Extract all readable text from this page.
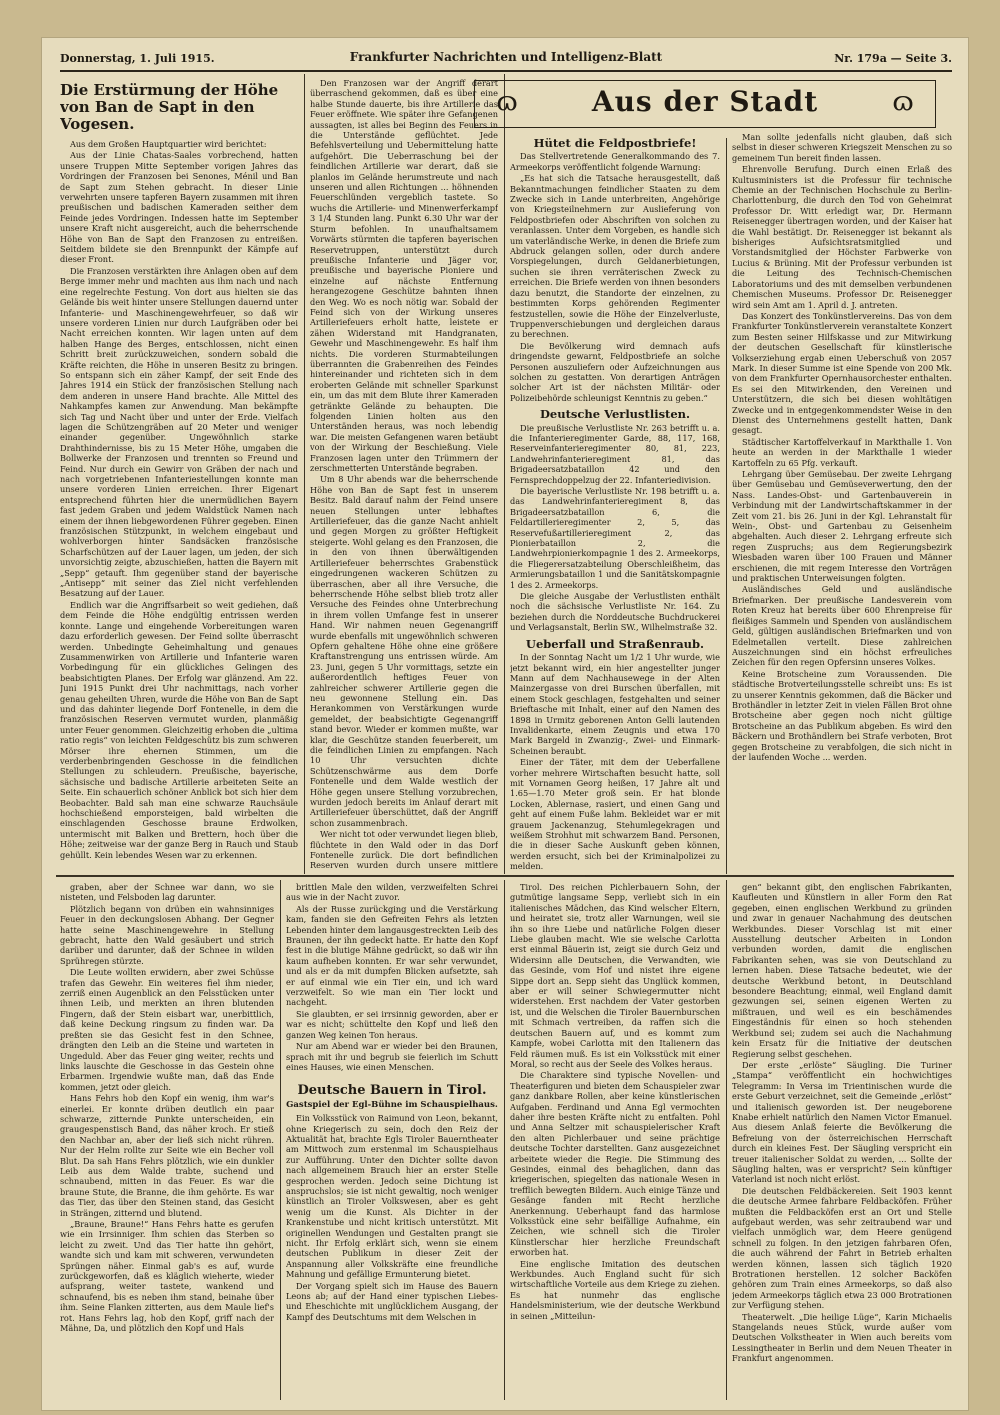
Donnerstag, 1. Juli 1915.	Frankfurter Nachrichten und Intelligenz-Blatt	Nr. 179a — Seite 3.
ɷ	Aus der Stadt	ɷ
Die Erstürmung der Höhe von Ban de Sapt in den Vogesen.

Aus dem Großen Hauptquartier wird berichtet:

Aus der Linie Chatas-Saales vorbrechend, hatten unsere Truppen Mitte September vorigen Jahres das Vordringen der Franzosen bei Senones, Ménil und Ban de Sapt zum Stehen gebracht. In dieser Linie verwehrten unsere tapferen Bayern zusammen mit ihren preußischen und badischen Kameraden seither dem Feinde jedes Vordringen. Indessen hatte im September unsere Kraft nicht ausgereicht, auch die beherrschende Höhe von Ban de Sapt den Franzosen zu entreißen. Seitdem bildete sie den Brennpunkt der Kämpfe auf dieser Front.

Die Franzosen verstärkten ihre Anlagen oben auf dem Berge immer mehr und machten aus ihm nach und nach eine regelrechte Festung. Von dort aus hielten sie das Gelände bis weit hinter unsere Stellungen dauernd unter Infanterie- und Maschinengewehrfeuer, so daß wir unsere vorderen Linien nur durch Laufgräben oder bei Nacht erreichen konnten. Wir lagen unten auf dem halben Hange des Berges, entschlossen, nicht einen Schritt breit zurückzuweichen, sondern sobald die Kräfte reichten, die Höhe in unseren Besitz zu bringen. So entspann sich ein zäher Kampf, der seit Ende des Jahres 1914 ein Stück der französischen Stellung nach dem anderen in unsere Hand brachte. Alle Mittel des Nahkampfes kamen zur Anwendung. Man bekämpfte sich Tag und Nacht über und unter der Erde. Vielfach lagen die Schützengräben auf 20 Meter und weniger einander gegenüber. Ungewöhnlich starke Drahthindernisse, bis zu 15 Meter Höhe, umgaben die Bollwerke der Franzosen und trennten so Freund und Feind. Nur durch ein Gewirr von Gräben der nach und nach vorgetriebenen Infanteriestellungen konnte man unsere vorderen Linien erreichen. Ihrer Eigenart entsprechend führten hier die unermüdlichen Bayern fast jedem Graben und jedem Waldstück Namen nach einem der ihnen liebgewordenen Führer gegeben. Einen französischen Stützpunkt, in welchem eingebaut und wohlverborgen hinter Sandsäcken französische Scharfschützen auf der Lauer lagen, um jeden, der sich unvorsichtig zeigte, abzuschießen, hatten die Bayern mit „Sepp“ getauft. Ihm gegenüber stand der bayerische „Antisepp“ mit seiner das Ziel nicht verfehlenden Besatzung auf der Lauer.

Endlich war die Angriffsarbeit so weit gediehen, daß dem Feinde die Höhe endgültig entrissen werden konnte. Lange und eingehende Vorbereitungen waren dazu erforderlich gewesen. Der Feind sollte überrascht werden. Unbedingte Geheimhaltung und genaues Zusammenwirken von Artillerie und Infanterie waren Vorbedingung für ein glückliches Gelingen des beabsichtigten Planes. Der Erfolg war glänzend. Am 22. Juni 1915 Punkt drei Uhr nachmittags, nach vorher genau geheilten Uhren, wurde die Höhe von Ban de Sapt und das dahinter liegende Dorf Fontenelle, in dem die französischen Reserven vermutet wurden, planmäßig unter Feuer genommen. Gleichzeitig erhoben die „ultima ratio regis“ von leichten Feldgeschütz bis zum schweren Mörser ihre ehernen Stimmen, um die verderbenbringenden Geschosse in die feindlichen Stellungen zu schleudern. Preußische, bayerische, sächsische und badische Artillerie arbeiteten Seite an Seite. Ein schauerlich schöner Anblick bot sich hier dem Beobachter. Bald sah man eine schwarze Rauchsäule hochschießend emporsteigen, bald wirbelten die einschlagenden Geschosse braune Erdwolken, untermischt mit Balken und Brettern, hoch über die Höhe; zeitweise war der ganze Berg in Rauch und Staub gehüllt. Kein lebendes Wesen war zu erkennen.

Den Franzosen war der Angriff derart überraschend gekommen, daß es über eine halbe Stunde dauerte, bis ihre Artillerie das Feuer eröffnete. Wie später ihre Gefangenen aussagten, ist alles bei Beginn des Feuers in die Unterstände geflüchtet. Jede Befehlsverteilung und Uebermittelung hatte aufgehört. Die Ueberraschung bei der feindlichen Artillerie war derart, daß sie planlos im Gelände herumstreute und nach unseren und allen Richtungen ... höhnenden Feuerschlünden vergeblich tastete. So wuchs die Artillerie- und Minenwerferkampf 3 1/4 Stunden lang. Punkt 6.30 Uhr war der Sturm befohlen. In unaufhaltsamem Vorwärts stürmten die tapferen bayerischen Reservetruppen, unterstützt durch preußische Infanterie und Jäger vor, preußische und bayerische Pioniere und einzelne auf nächste Entfernung herangezogene Geschütze bahnten ihnen den Weg. Wo es noch nötig war. Sobald der Feind sich von der Wirkung unseres Artilleriefeuers erholt hatte, leistete er zähen Widerstand mit Handgranaten, Gewehr und Maschinengewehr. Es half ihm nichts. Die vorderen Sturmabteilungen überrannten die Grabenreihen des Feindes hintereinander und richteten sich in dem eroberten Gelände mit schneller Sparkunst ein, um das mit dem Blute ihrer Kameraden getränkte Gelände zu behaupten. Die folgenden Linien holten aus den Unterständen heraus, was noch lebendig war. Die meisten Gefangenen waren betäubt von der Wirkung der Beschießung. Viele Franzosen lagen unter den Trümmern der zerschmetterten Unterstände begraben.

Um 8 Uhr abends war die beherrschende Höhe von Ban de Sapt fest in unserem Besitz. Bald darauf nahm der Feind unsere neuen Stellungen unter lebhaftes Artilleriefeuer, das die ganze Nacht anhielt und gegen Morgen zu größter Heftigkeit steigerte. Wohl gelang es den Franzosen, die in den von ihnen überwältigenden Artilleriefeuer beherrschtes Grabenstück eingedrungenen wackeren Schützen zu überraschen, aber all ihre Versuche, die beherrschende Höhe selbst blieb trotz aller Versuche des Feindes ohne Unterbrechung in ihrem vollen Umfange fest in unserer Hand. Wir nahmen neuen Gegenangriff wurde ebenfalls mit ungewöhnlich schweren Opfern gehaltene Höhe ohne eine größere Kraftanstrengung uns entrissen würde. Am 23. Juni, gegen 5 Uhr vormittags, setzte ein außerordentlich heftiges Feuer von zahlreicher schwerer Artillerie gegen die neu gewonnene Stellung ein. Das Herankommen von Verstärkungen wurde gemeldet, der beabsichtigte Gegenangriff stand bevor. Wieder er kommen mußte, war klar, die Geschütze standen feuerbereit, um die feindlichen Linien zu empfangen. Nach 10 Uhr versuchten dichte Schützenschwärme aus dem Dorfe Fontenelle und dem Walde westlich der Höhe gegen unsere Stellung vorzubrechen, wurden jedoch bereits im Anlauf derart mit Artilleriefeuer überschüttet, daß der Angriff schon zusammenbrach.

Wer nicht tot oder verwundet liegen blieb, flüchtete in den Wald oder in das Dorf Fontenelle zurück. Die dort befindlichen Reserven wurden durch unsere mittlere

Hütet die Feldpostbriefe!

Das Stellvertretende Generalkommando des 7. Armeekorps veröffentlicht folgende Warnung:

„Es hat sich die Tatsache herausgestellt, daß Bekanntmachungen feindlicher Staaten zu dem Zwecke sich in Lande unterbreiten, Angehörige von Kriegsteilnehmern zur Auslieferung von Feldpostbriefen oder Abschriften von solchen zu veranlassen. Unter dem Vorgeben, es handle sich um vaterländische Werke, in denen die Briefe zum Abdruck gelangen sollen, oder durch andere Vorspiegelungen, durch Geldanerbietungen, suchen sie ihren verräterischen Zweck zu erreichen. Die Briefe werden von ihnen besonders dazu benutzt, die Standorte der einzelnen, zu bestimmten Korps gehörenden Regimenter festzustellen, sowie die Höhe der Einzelverluste, Truppenverschiebungen und dergleichen daraus zu berechnen.

Die Bevölkerung wird demnach aufs dringendste gewarnt, Feldpostbriefe an solche Personen auszuliefern oder Aufzeichnungen aus solchen zu gestatten. Von derartigen Anträgen solcher Art ist der nächsten Militär- oder Polizeibehörde schleunigst Kenntnis zu geben.“

Deutsche Verlustlisten.

Die preußische Verlustliste Nr. 263 betrifft u. a. die Infanterieregimenter Garde, 88, 117, 168, Reserveinfanterieregimenter 80, 81, 223, Landwehrinfanterieregiment 81, das Brigadeersatzbataillon 42 und den Fernsprechdoppelzug der 22. Infanteriedivision.

Die bayerische Verlustliste Nr. 198 betrifft u. a. das Landwehrinfanterieregiment 8, das Brigadeersatzbataillon 6, die Feldartillerieregimenter 2, 5, das Reservefußartillerieregiment 2, das Pionierbataillon 2, die Landwehrpionierkompagnie 1 des 2. Armeekorps, die Fliegerersatzabteilung Oberschleißheim, das Armierungsbataillon 1 und die Sanitätskompagnie 1 des 2. Armeekorps.

Die gleiche Ausgabe der Verlustlisten enthält noch die sächsische Verlustliste Nr. 164. Zu beziehen durch die Norddeutsche Buchdruckerei und Verlagsanstalt, Berlin SW., Wilhelmstraße 32.

Ueberfall und Straßenraub.

In der Sonntag Nacht um 1/2 1 Uhr wurde, wie jetzt bekannt wird, ein hier angestellter junger Mann auf dem Nachhausewege in der Alten Mainzergasse von drei Burschen überfallen, mit einem Stock geschlagen, festgehalten und seiner Brieftasche mit Inhalt, einer auf den Namen des 1898 in Urmitz geborenen Anton Gelli lautenden Invalidenkarte, einem Zeugnis und etwa 170 Mark Bargeld in Zwanzig-, Zwei- und Einmark-Scheinen beraubt.

Einer der Täter, mit dem der Ueberfallene vorher mehrere Wirtschaften besucht hatte, soll mit Vornamen Georg heißen, 17 Jahre alt und 1.65—1.70 Meter groß sein. Er hat blonde Locken, Ablernase, rasiert, und einen Gang und geht auf einem Fuße lahm. Bekleidet war er mit grauem Jackenanzug, Stehumlegekragen und weißem Strohhut mit schwarzem Band. Personen, die in dieser Sache Auskunft geben können, werden ersucht, sich bei der Kriminalpolizei zu melden.

Man sollte jedenfalls nicht glauben, daß sich selbst in dieser schweren Kriegszeit Menschen zu so gemeinem Tun bereit finden lassen.

Ehrenvolle Berufung. Durch einen Erlaß des Kultusministers ist die Professur für technische Chemie an der Technischen Hochschule zu Berlin-Charlottenburg, die durch den Tod von Geheimrat Professor Dr. Witt erledigt war, Dr. Hermann Reisenegger übertragen worden, und der Kaiser hat die Wahl bestätigt. Dr. Reisenegger ist bekannt als bisheriges Aufsichtsratsmitglied und Vorstandsmitglied der Höchster Farbwerke von Lucius & Brüning. Mit der Professur verbunden ist die Leitung des Technisch-Chemischen Laboratoriums und des mit demselben verbundenen Chemischen Museums. Professor Dr. Reisenegger wird sein Amt am 1. April d. J. antreten.

Das Konzert des Tonkünstlervereins. Das von dem Frankfurter Tonkünstlerverein veranstaltete Konzert zum Besten seiner Hilfskasse und zur Mitwirkung der deutschen Gesellschaft für künstlerische Volkserziehung ergab einen Ueberschuß von 2057 Mark. In dieser Summe ist eine Spende von 200 Mk. von dem Frankfurter Opernhausorchester enthalten. Es sei den Mitwirkenden, den Vereinen und Unterstützern, die sich bei diesen wohltätigen Zwecke und in entgegenkommendster Weise in den Dienst des Unternehmens gestellt hatten, Dank gesagt.

Städtischer Kartoffelverkauf in Markthalle 1. Von heute an werden in der Markthalle 1 wieder Kartoffeln zu 65 Pfg. verkauft.

Lehrgang über Gemüsebau. Der zweite Lehrgang über Gemüsebau und Gemüseverwertung, den der Nass. Landes-Obst- und Gartenbauverein in Verbindung mit der Landwirtschaftskammer in der Zeit vom 21. bis 26. Juni in der Kgl. Lehranstalt für Wein-, Obst- und Gartenbau zu Geisenheim abgehalten. Auch dieser 2. Lehrgang erfreute sich regen Zuspruchs; aus dem Regierungsbezirk Wiesbaden waren über 100 Frauen und Männer erschienen, die mit regem Interesse den Vorträgen und praktischen Unterweisungen folgten.

Ausländisches Geld und ausländische Briefmarken. Der preußische Landesverein vom Roten Kreuz hat bereits über 600 Ehrenpreise für fleißiges Sammeln und Spenden von ausländischem Geld, gültigen ausländischen Briefmarken und von Edelmetallen verteilt. Diese zahlreichen Auszeichnungen sind ein höchst erfreuliches Zeichen für den regen Opfersinn unseres Volkes.

Keine Brotscheine zum Voraussenden. Die städtische Brotverteilungsstelle schreibt uns: Es ist zu unserer Kenntnis gekommen, daß die Bäcker und Brothändler in letzter Zeit in vielen Fällen Brot ohne Brotscheine aber gegen noch nicht gültige Brotscheine an das Publikum abgeben. Es wird den Bäckern und Brothändlern bei Strafe verboten, Brot gegen Brotscheine zu verabfolgen, die sich nicht in der laufenden Woche ... werden.

graben, aber der Schnee war dann, wo sie nisteten, und Felsboden lag darunter.

Plötzlich begann von drüben ein wahnsinniges Feuer in den deckungslosen Abhang. Der Gegner hatte seine Maschinengewehre in Stellung gebracht, hatte den Wald gesäubert und strich darüber und darunter, daß der Schnee in wilden Sprühregen stürzte.

Die Leute wollten erwidern, aber zwei Schüsse trafen das Gewehr. Ein weiteres fiel ihm nieder, zerriß einen Augenblick an den Felsstücken unter ihnen Leib, und merkten an ihren blutenden Fingern, daß der Stein eisbart war, unerbittlich, daß keine Deckung ringsum zu finden war. Da preßten sie das Gesicht fest in den Schnee, drängten den Leib an die Steine und warteten in Ungeduld. Aber das Feuer ging weiter, rechts und links lauschte die Geschosse in das Gestein ohne Erbarmen. Irgendwie wußte man, daß das Ende kommen, jetzt oder gleich.

Hans Fehrs hob den Kopf ein wenig, ihm war's einerlei. Er konnte drüben deutlich ein paar schwarze, zitternde Punkte unterscheiden, ein graugespenstisch Band, das näher kroch. Er stieß den Nachbar an, aber der ließ sich nicht rühren. Nur der Helm rollte zur Seite wie ein Becher voll Blut. Da sah Hans Fehrs plötzlich, wie ein dunkler Leib aus dem Walde trabte, suchend und schnaubend, mitten in das Feuer. Es war die braune Stute, die Branne, die ihm gehörte. Es war das Tier, das über den Steinen stand, das Gesicht in Strängen, zitternd und blutend.

„Braune, Braune!“ Hans Fehrs hatte es gerufen wie ein Irrsinniger. Ihm schien das Sterben so leicht zu zweit. Und das Tier hatte ihn gehört, wandte sich und kam mit schweren, verwundeten Sprüngen näher. Einmal gab's es auf, wurde zurückgeworfen, daß es kläglich wieherte, wieder aufsprang, weiter tastete, wankend und schnaufend, bis es neben ihm stand, beinahe über ihm. Seine Flanken zitterten, aus dem Maule lief's rot. Hans Fehrs lag, hob den Kopf, griff nach der Mähne, Da, und plötzlich den Kopf und Hals

brittlen Male den wilden, verzweifelten Schrei aus wie in der Nacht zuvor.

Als der Russe zurückging und die Verstärkung kam, fanden sie den Gefreiten Fehrs als letzten Lebenden hinter dem langausgestreckten Leib des Braunen, der ihn gedeckt hatte. Er hatte den Kopf fest in die blutige Mähne gedrückt, so daß wir ihn kaum aufheben konnten. Er war sehr verwundet, und als er da mit dumpfen Blicken aufsetzte, sah er auf einmal wie ein Tier ein, und ich ward verzweifelt. So wie man ein Tier lockt und nachgeht.

Sie glaubten, er sei irrsinnig geworden, aber er war es nicht; schüttelte den Kopf und ließ den ganzen Weg keinen Ton heraus.

Nur am Abend war er wieder bei den Braunen, sprach mit ihr und begrub sie feierlich im Schutt eines Hauses, wie einen Menschen.

Deutsche Bauern in Tirol.
Gastspiel der Egl-Bühne im Schauspielhaus.

Ein Volksstück von Raimund von Leon, bekannt, ohne Kriegerisch zu sein, doch den Reiz der Aktualität hat, brachte Egls Tiroler Bauerntheater am Mittwoch zum erstenmal im Schauspielhaus zur Aufführung. Unter den Dichter sollte davon nach allgemeinem Brauch hier an erster Stelle gesprochen werden. Jedoch seine Dichtung ist anspruchslos; sie ist nicht gewaltig, noch weniger künstlich an Tiroler Volkswesen, aber es geht wenig um die Kunst. Als Dichter in der Krankenstube und nicht kritisch unterstützt. Mit originellen Wendungen und Gestalten prangt sie nicht. Ihr Erfolg erklärt sich, wenn sie einem deutschen Publikum in dieser Zeit der Anspannung aller Volkskräfte eine freundliche Mahnung und gefällige Ermunterung bietet.

Der Vorgang spielt sich im Hause des Bauern Leons ab; auf der Hand einer typischen Liebes- und Eheschichte mit unglücklichem Ausgang, der Kampf des Deutschtums mit dem Welschen in

Tirol. Des reichen Pichlerbauern Sohn, der gutmütige langsame Sepp, verliebt sich in ein italienisches Mädchen, das Kind welscher Eltern, und heiratet sie, trotz aller Warnungen, weil sie ihn so ihre Liebe und natürliche Folgen dieser Liebe glauben macht. Wie sie welsche Carlotta erst einmal Bäuerin ist, zeigt sie durch Geiz und Widersinn alle Deutschen, die Verwandten, wie das Gesinde, vom Hof und nistet ihre eigene Sippe dort an. Sepp sieht das Unglück kommen, aber er will seiner Schwiegermutter nicht widerstehen. Erst nachdem der Vater gestorben ist, und die Welschen die Tiroler Bauernburschen mit Schmach vertreiben, da raffen sich die deutschen Bauern auf, und es kommt zum Kampfe, wobei Carlotta mit den Italienern das Feld räumen muß. Es ist ein Volksstück mit einer Moral, so recht aus der Seele des Volkes heraus.

Die Charaktere sind typische Novellen- und Theaterfiguren und bieten dem Schauspieler zwar ganz dankbare Rollen, aber keine künstlerischen Aufgaben. Ferdinand und Anna Egl vermochten daher ihre besten Kräfte nicht zu entfalten. Pohl und Anna Seltzer mit schauspielerischer Kraft den alten Pichlerbauer und seine prächtige deutsche Tochter darstellten. Ganz ausgezeichnet arbeitete wieder die Regie. Die Stimmung des Gesindes, einmal des behaglichen, dann das kriegerischen, spiegelten das nationale Wesen in trefflich bewegten Bildern. Auch einige Tänze und Gesänge fanden mit Recht herzliche Anerkennung. Ueberhaupt fand das harmlose Volksstück eine sehr beifällige Aufnahme, ein Zeichen, wie schnell sich die Tiroler Künstlerschar hier herzliche Freundschaft erworben hat.

Eine englische Imitation des deutschen Werkbundes. Auch England sucht für sich wirtschaftliche Vorteile aus dem Kriege zu ziehen. Es hat nunmehr das englische Handelsministerium, wie der deutsche Werkbund in seinen „Mitteilun-

gen“ bekannt gibt, den englischen Fabrikanten, Kaufleuten und Künstlern in aller Form den Rat gegeben, einen englischen Werkbund zu gründen und zwar in genauer Nachahmung des deutschen Werkbundes. Dieser Vorschlag ist mit einer Ausstellung deutscher Arbeiten in London verbunden worden, damit die englischen Fabrikanten sehen, was sie von Deutschland zu lernen haben. Diese Tatsache bedeutet, wie der deutsche Werkbund betont, in Deutschland besondere Beachtung; einmal, weil England damit gezwungen sei, seinen eigenen Werten zu mißtrauen, und weil es ein beschämendes Eingeständnis für einen so hoch stehenden Werkbund sei; zudem sei auch die Nachahmung kein Ersatz für die Initiative der deutschen Regierung selbst geschehen.

Der erste „erlöste“ Säugling. Die Turiner „Stampa“ veröffentlicht ein hochwichtiges Telegramm: In Versa im Trientinischen wurde die erste Geburt verzeichnet, seit die Gemeinde „erlöst“ und italienisch geworden ist. Der neugeborene Knabe erhielt natürlich den Namen Victor Emanuel. Aus diesem Anlaß feierte die Bevölkerung die Befreiung von der österreichischen Herrschaft durch ein kleines Fest. Der Säugling verspricht ein treuer italienischer Soldat zu werden, ... Sollte der Säugling halten, was er verspricht? Sein künftiger Vaterland ist noch nicht erlöst.

Die deutschen Feldbäckereien. Seit 1903 kennt die deutsche Armee fahrbare Feldbacköfen. Früher mußten die Feldbacköfen erst an Ort und Stelle aufgebaut werden, was sehr zeitraubend war und vielfach unmöglich war, dem Heere genügend schnell zu folgen. In den jetzigen fahrbaren Ofen, die auch während der Fahrt in Betrieb erhalten werden können, lassen sich täglich 1920 Brotrationen herstellen. 12 solcher Backöfen gehören zum Train eines Armeekorps, so daß also jedem Armeekorps täglich etwa 23 000 Brotrationen zur Verfügung stehen.

Theaterwelt. „Die heilige Lüge“, Karin Michaelis Stangelands neues Stück, wurde außer vom Deutschen Volkstheater in Wien auch bereits vom Lessingtheater in Berlin und dem Neuen Theater in Frankfurt angenommen.
